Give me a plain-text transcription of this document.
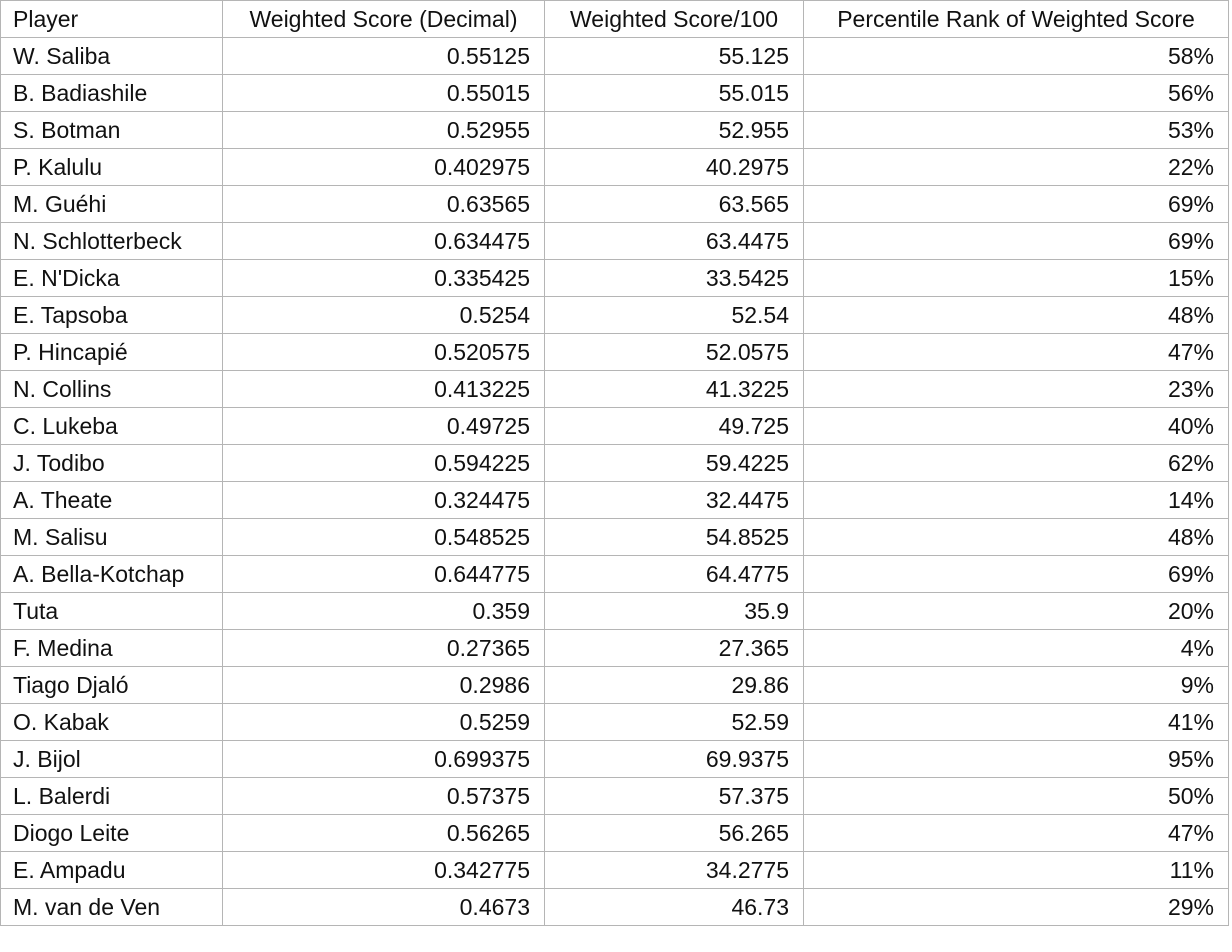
Player	Weighted Score (Decimal)	Weighted Score/100	Percentile Rank of Weighted Score
W. Saliba	0.55125	55.125	58%
B. Badiashile	0.55015	55.015	56%
S. Botman	0.52955	52.955	53%
P. Kalulu	0.402975	40.2975	22%
M. Guéhi	0.63565	63.565	69%
N. Schlotterbeck	0.634475	63.4475	69%
E. N'Dicka	0.335425	33.5425	15%
E. Tapsoba	0.5254	52.54	48%
P. Hincapié	0.520575	52.0575	47%
N. Collins	0.413225	41.3225	23%
C. Lukeba	0.49725	49.725	40%
J. Todibo	0.594225	59.4225	62%
A. Theate	0.324475	32.4475	14%
M. Salisu	0.548525	54.8525	48%
A. Bella-Kotchap	0.644775	64.4775	69%
Tuta	0.359	35.9	20%
F. Medina	0.27365	27.365	4%
Tiago Djaló	0.2986	29.86	9%
O. Kabak	0.5259	52.59	41%
J. Bijol	0.699375	69.9375	95%
L. Balerdi	0.57375	57.375	50%
Diogo Leite	0.56265	56.265	47%
E. Ampadu	0.342775	34.2775	11%
M. van de Ven	0.4673	46.73	29%
